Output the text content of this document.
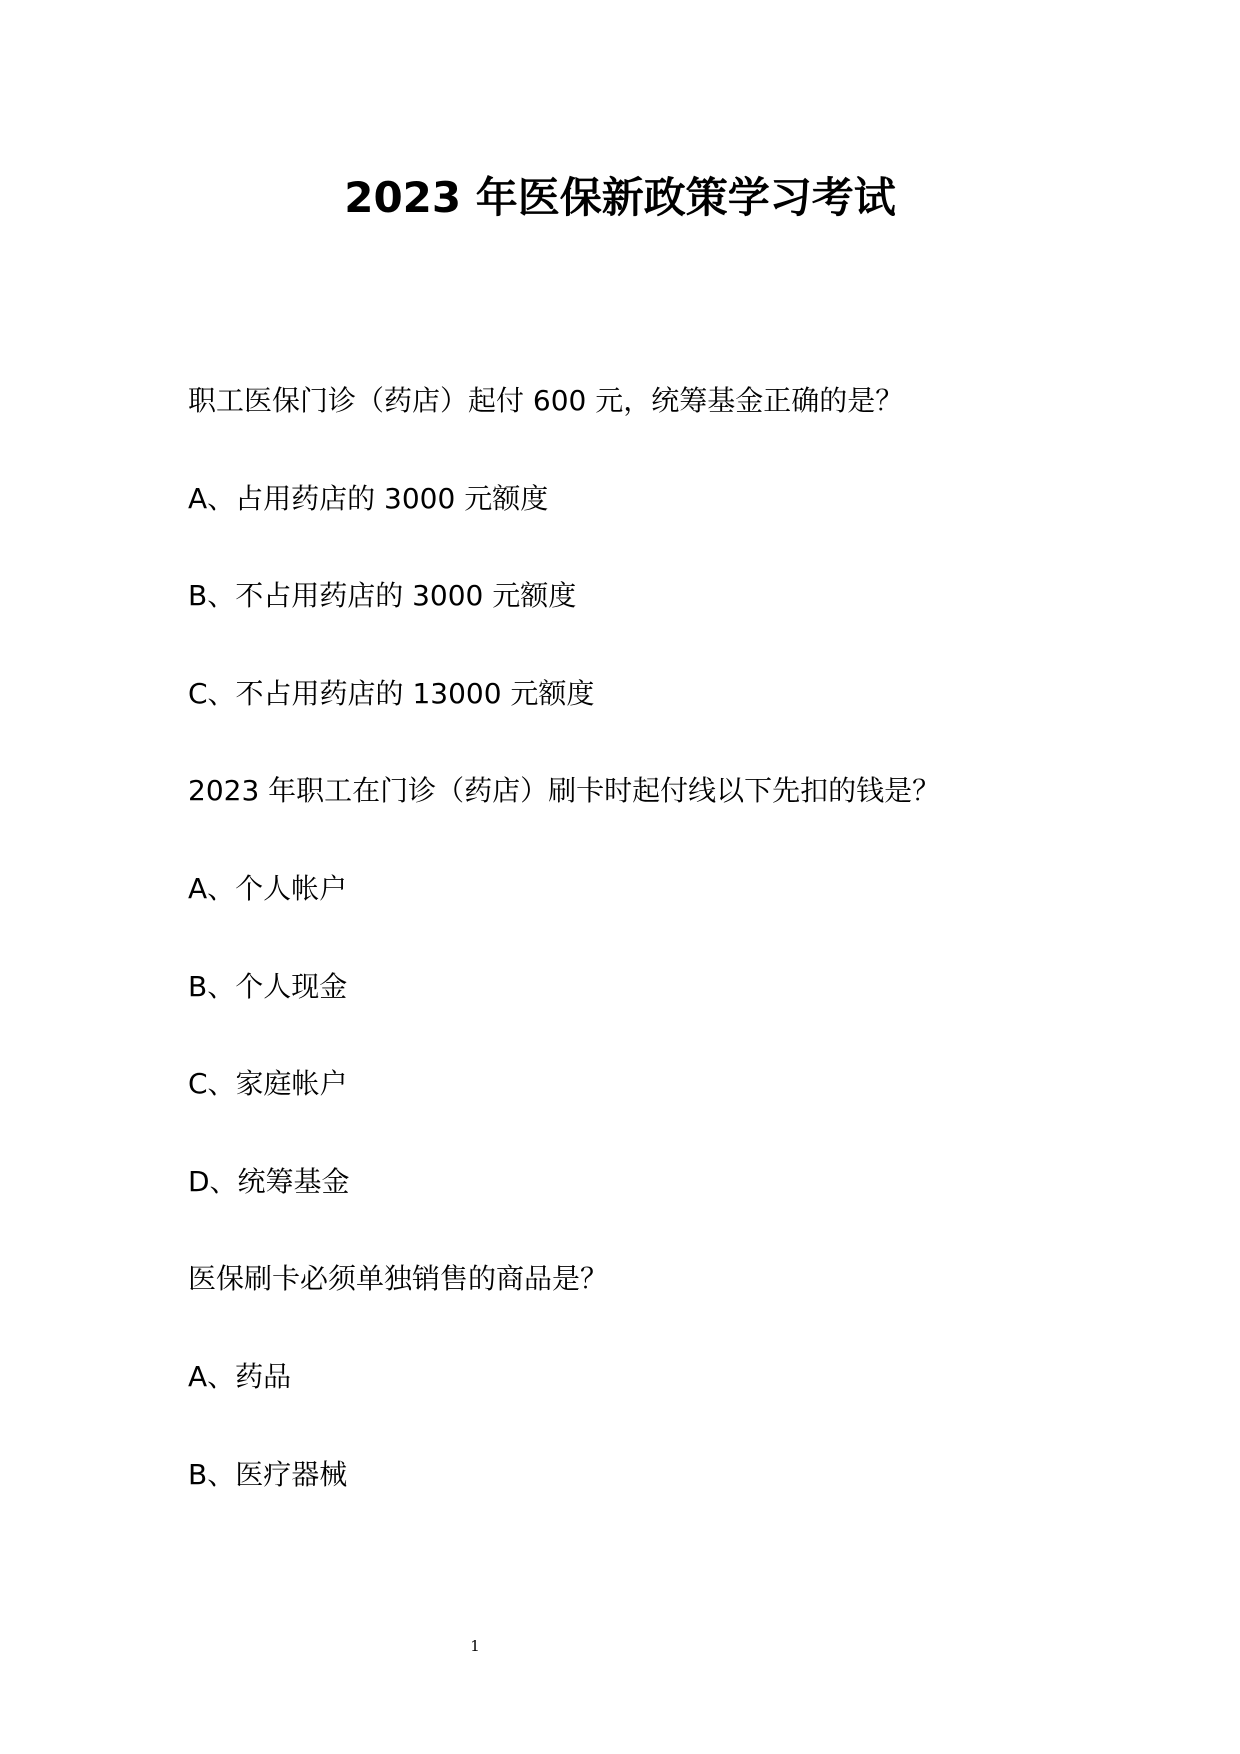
2023 年医保新政策学习考试
职工医保门诊（药店）起付 600 元，统筹基金正确的是？
A、占用药店的 3000 元额度
B、不占用药店的 3000 元额度
C、不占用药店的 13000 元额度
2023 年职工在门诊（药店）刷卡时起付线以下先扣的钱是？
A、个人帐户
B、个人现金
C、家庭帐户
D、统筹基金
医保刷卡必须单独销售的商品是？
A、药品
B、医疗器械
1
